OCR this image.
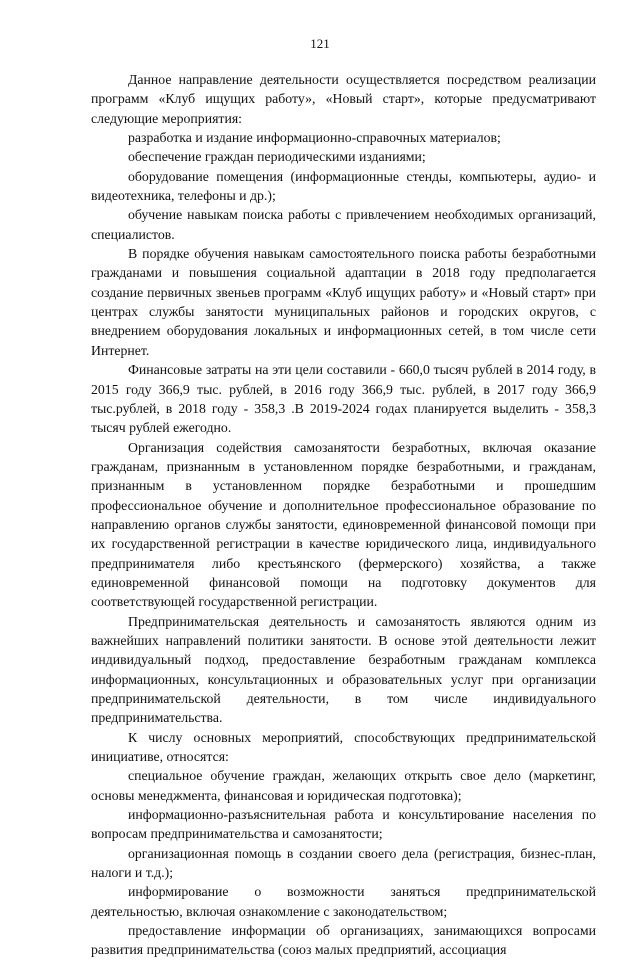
121

Данное направление деятельности осуществляется посредством реализации программ «Клуб ищущих работу», «Новый старт», которые предусматривают следующие мероприятия:

разработка и издание информационно-справочных материалов;

обеспечение граждан периодическими изданиями;

оборудование помещения (информационные стенды, компьютеры, аудио- и видеотехника, телефоны и др.);

обучение навыкам поиска работы с привлечением необходимых организаций, специалистов.

В порядке обучения навыкам самостоятельного поиска работы безработными гражданами и повышения социальной адаптации в 2018 году предполагается создание первичных звеньев программ «Клуб ищущих работу» и «Новый старт» при центрах службы занятости муниципальных районов и городских округов, с внедрением оборудования локальных и информационных сетей, в том числе сети Интернет.

Финансовые затраты на эти цели составили - 660,0 тысяч рублей в 2014 году, в 2015 году 366,9 тыс. рублей, в 2016 году 366,9 тыс. рублей, в 2017 году 366,9 тыс.рублей, в 2018 году - 358,3 .В 2019-2024 годах планируется выделить - 358,3 тысяч рублей ежегодно.

Организация содействия самозанятости безработных, включая оказание гражданам, признанным в установленном порядке безработными, и гражданам, признанным в установленном порядке безработными и прошедшим профессиональное обучение и дополнительное профессиональное образование по направлению органов службы занятости, единовременной финансовой помощи при их государственной регистрации в качестве юридического лица, индивидуального предпринимателя либо крестьянского (фермерского) хозяйства, а также единовременной финансовой помощи на подготовку документов для соответствующей государственной регистрации.

Предпринимательская деятельность и самозанятость являются одним из важнейших направлений политики занятости. В основе этой деятельности лежит индивидуальный подход, предоставление безработным гражданам комплекса информационных, консультационных и образовательных услуг при организации предпринимательской деятельности, в том числе индивидуального предпринимательства.

К числу основных мероприятий, способствующих предпринимательской инициативе, относятся:

специальное обучение граждан, желающих открыть свое дело (маркетинг, основы менеджмента, финансовая и юридическая подготовка);

информационно-разъяснительная работа и консультирование населения по вопросам предпринимательства и самозанятости;

организационная помощь в создании своего дела (регистрация, бизнес-план, налоги и т.д.);

информирование о возможности заняться предпринимательской деятельностью, включая ознакомление с законодательством;

предоставление информации об организациях, занимающихся вопросами развития предпринимательства (союз малых предприятий, ассоциация
